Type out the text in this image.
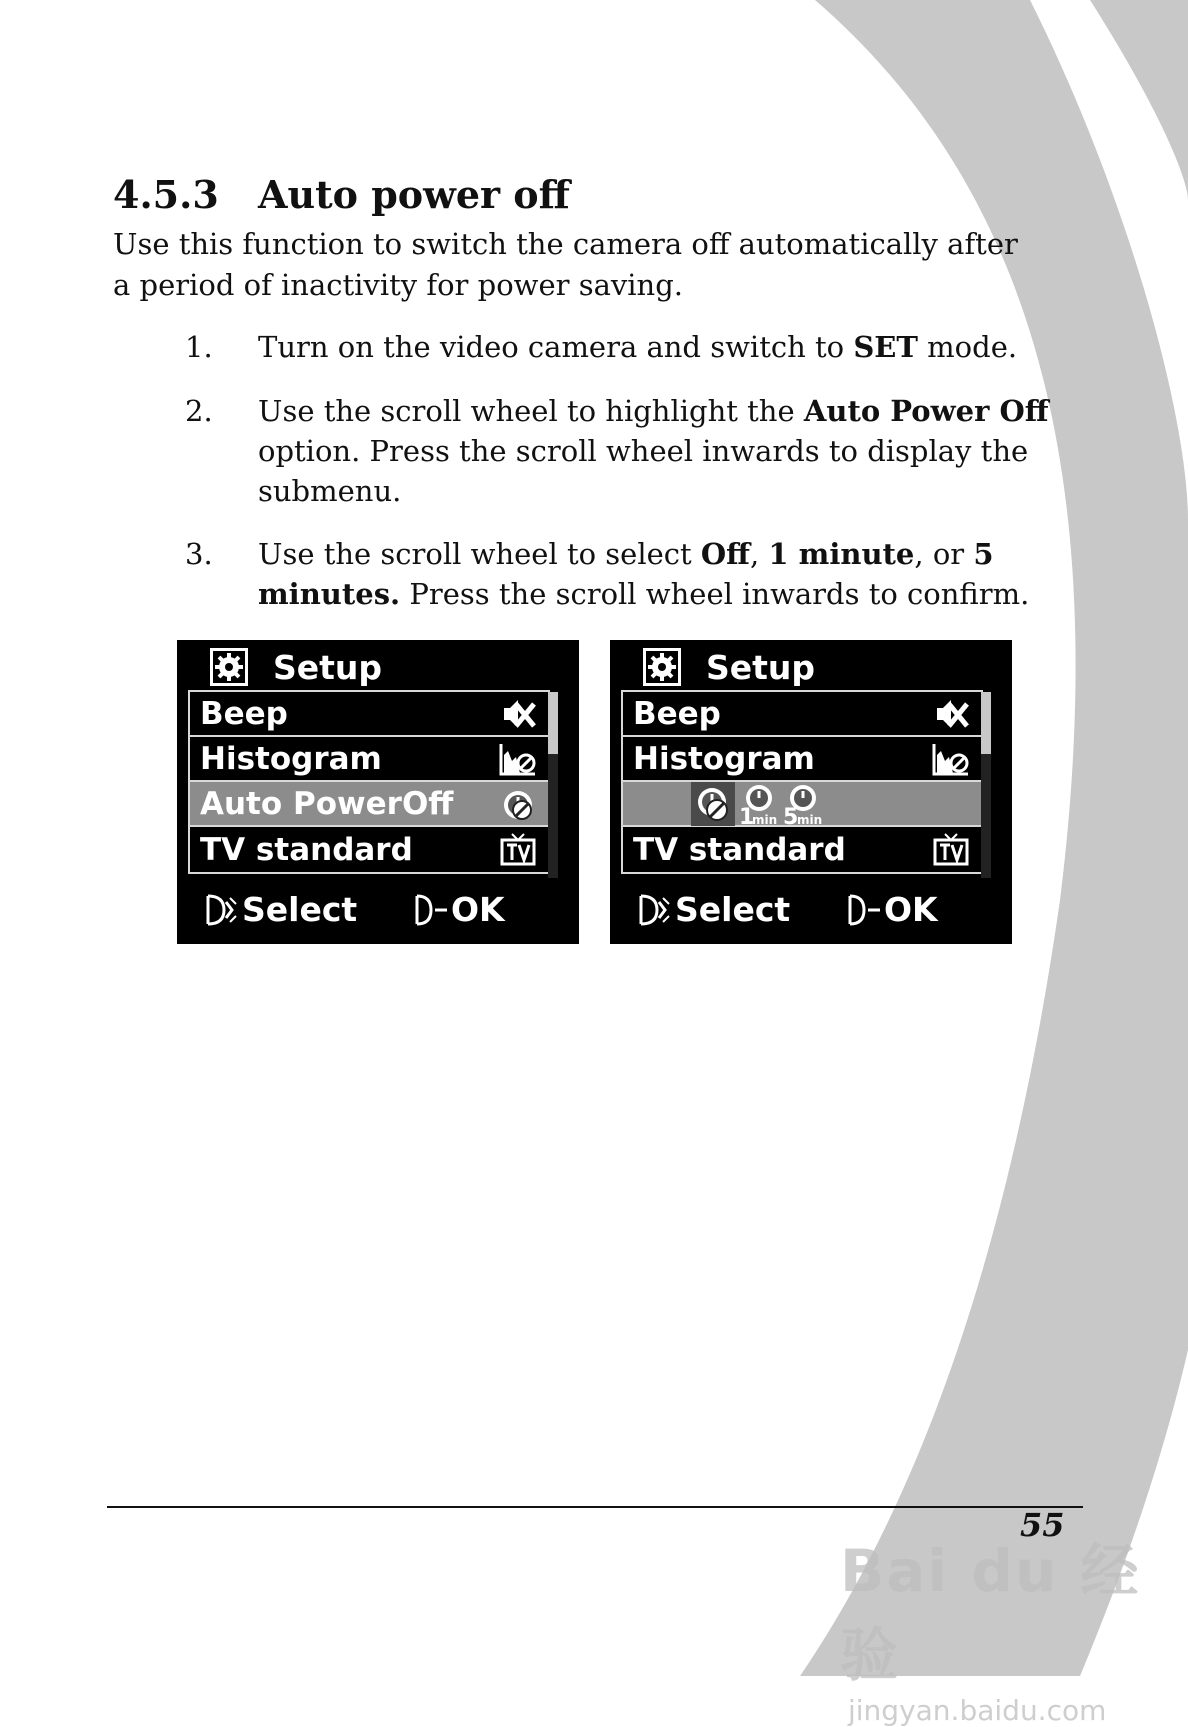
4.5.3 Auto power off

Use this function to switch the camera off automatically after a period of inactivity for power saving.

1. Turn on the video camera and switch to SET mode.
2. Use the scroll wheel to highlight the Auto Power Off option. Press the scroll wheel inwards to display the submenu.
3. Use the scroll wheel to select Off, 1 minute, or 5 minutes. Press the scroll wheel inwards to confirm.
Setup
Beep
Histogram
Auto PowerOff
TV standard
Select	OK
Setup
Beep
Histogram
1
min 5
min
TV standard
Select	OK
55
Bai du 经验
jingyan.baidu.com
